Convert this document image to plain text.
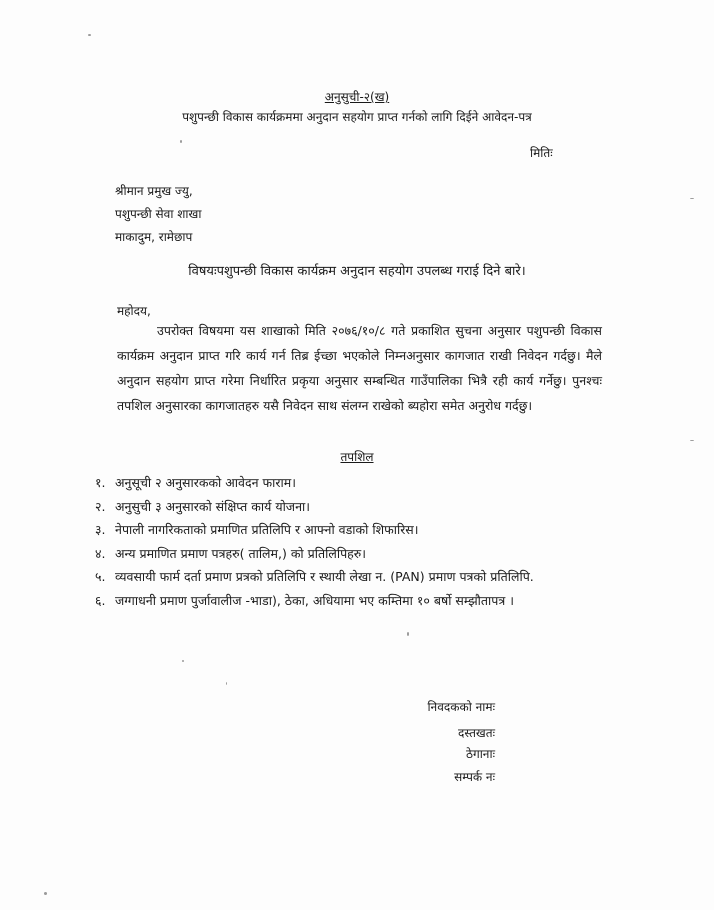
अनुसुची-२(ख)
पशुपन्छी विकास कार्यक्रममा अनुदान सहयोग प्राप्त गर्नको लागि दिईने आवेदन-पत्र
मितिः
श्रीमान प्रमुख ज्यु,
पशुपन्छी सेवा शाखा
माकादुम, रामेछाप
विषयःपशुपन्छी विकास कार्यक्रम अनुदान सहयोग उपलब्ध गराई दिने बारे।
महोदय,
उपरोक्त विषयमा यस शाखाको मिति २०७६/१०/८ गते प्रकाशित सुचना अनुसार पशुपन्छी विकास कार्यक्रम अनुदान प्राप्त गरि कार्य गर्न तिब्र ईच्छा भएकोले निम्नअनुसार कागजात राखी निवेदन गर्दछु। मैले अनुदान सहयोग प्राप्त गरेमा निर्धारित प्रकृया अनुसार सम्बन्धित गाउँपालिका भित्रै रही कार्य गर्नेछु। पुनश्चः तपशिल अनुसारका कागजातहरु यसै निवेदन साथ संलग्न राखेको ब्यहोरा समेत अनुरोध गर्दछु।
तपशिल
१. अनुसूची २ अनुसारकको आवेदन फाराम।
२. अनुसुची ३ अनुसारको संक्षिप्त कार्य योजना।
३. नेपाली नागरिकताको प्रमाणित प्रतिलिपि र आफ्नो वडाको शिफारिस।
४. अन्य प्रमाणित प्रमाण पत्रहरु( तालिम,) को प्रतिलिपिहरु।
५. व्यवसायी फार्म दर्ता प्रमाण प्रत्रको प्रतिलिपि र स्थायी लेखा न. (PAN) प्रमाण पत्रको प्रतिलिपि.
६. जग्गाधनी प्रमाण पुर्जावालीज -भाडा), ठेका, अधियामा भए कम्तिमा १० बर्षो सम्झौतापत्र ।
निवदकको नामः
दस्तखतः
ठेगानाः
सम्पर्क नः
